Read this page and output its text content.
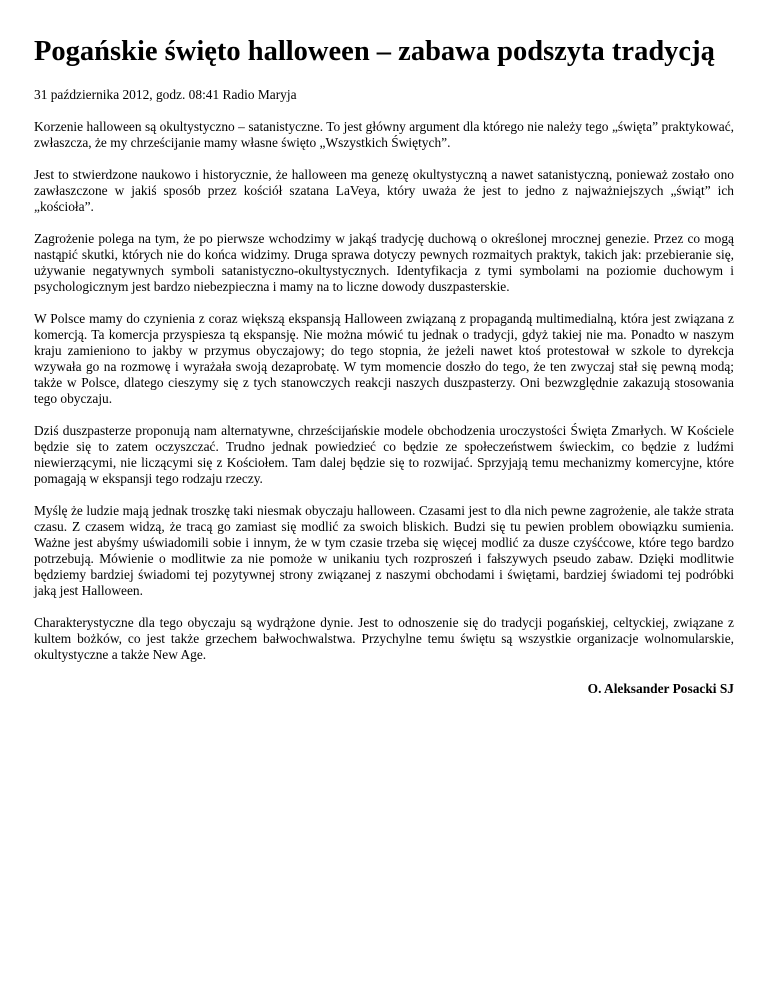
Pogańskie święto halloween – zabawa podszyta tradycją
31 października 2012, godz. 08:41 Radio Maryja

Korzenie halloween są okultystyczno – satanistyczne. To jest główny argument dla którego nie należy tego „święta” praktykować, zwłaszcza, że my chrześcijanie mamy własne święto „Wszystkich Świętych”.

Jest to stwierdzone naukowo i historycznie, że halloween ma genezę okultystyczną a nawet satanistyczną, ponieważ zostało ono zawłaszczone w jakiś sposób przez kościół szatana LaVeya, który uważa że jest to jedno z najważniejszych „świąt” ich „kościoła”.

Zagrożenie polega na tym, że po pierwsze wchodzimy w jakąś tradycję duchową o określonej mrocznej genezie. Przez co mogą nastąpić skutki, których nie do końca widzimy. Druga sprawa dotyczy pewnych rozmaitych praktyk, takich jak: przebieranie się, używanie negatywnych symboli satanistyczno-okultystycznych. Identyfikacja z tymi symbolami na poziomie duchowym i psychologicznym jest bardzo niebezpieczna i mamy na to liczne dowody duszpasterskie.

W Polsce mamy do czynienia z coraz większą ekspansją Halloween związaną z propagandą multimedialną, która jest związana z komercją. Ta komercja przyspiesza tą ekspansję. Nie można mówić tu jednak o tradycji, gdyż takiej nie ma. Ponadto w naszym kraju zamieniono to jakby w przymus obyczajowy; do tego stopnia, że jeżeli nawet ktoś protestował w szkole to dyrekcja wzywała go na rozmowę i wyrażała swoją dezaprobatę. W tym momencie doszło do tego, że ten zwyczaj stał się pewną modą; także w Polsce, dlatego cieszymy się z tych stanowczych reakcji naszych duszpasterzy. Oni bezwzględnie zakazują stosowania tego obyczaju.

Dziś duszpasterze proponują nam alternatywne, chrześcijańskie modele obchodzenia uroczystości Święta Zmarłych. W Kościele będzie się to zatem oczyszczać. Trudno jednak powiedzieć co będzie ze społeczeństwem świeckim, co będzie z ludźmi niewierzącymi, nie liczącymi się z Kościołem. Tam dalej będzie się to rozwijać. Sprzyjają temu mechanizmy komercyjne, które pomagają w ekspansji tego rodzaju rzeczy.

Myślę że ludzie mają jednak troszkę taki niesmak obyczaju halloween. Czasami jest to dla nich pewne zagrożenie, ale także strata czasu. Z czasem widzą, że tracą go zamiast się modlić za swoich bliskich. Budzi się tu pewien problem obowiązku sumienia. Ważne jest abyśmy uświadomili sobie i innym, że w tym czasie trzeba się więcej modlić za dusze czyśćcowe, które tego bardzo potrzebują. Mówienie o modlitwie za nie pomoże w unikaniu tych rozproszeń i fałszywych pseudo zabaw. Dzięki modlitwie będziemy bardziej świadomi tej pozytywnej strony związanej z naszymi obchodami i świętami, bardziej świadomi tej podróbki jaką jest Halloween.

Charakterystyczne dla tego obyczaju są wydrążone dynie. Jest to odnoszenie się do tradycji pogańskiej, celtyckiej, związane z kultem bożków, co jest także grzechem bałwochwalstwa. Przychylne temu świętu są wszystkie organizacje wolnomularskie, okultystyczne a także New Age.

O. Aleksander Posacki SJ
